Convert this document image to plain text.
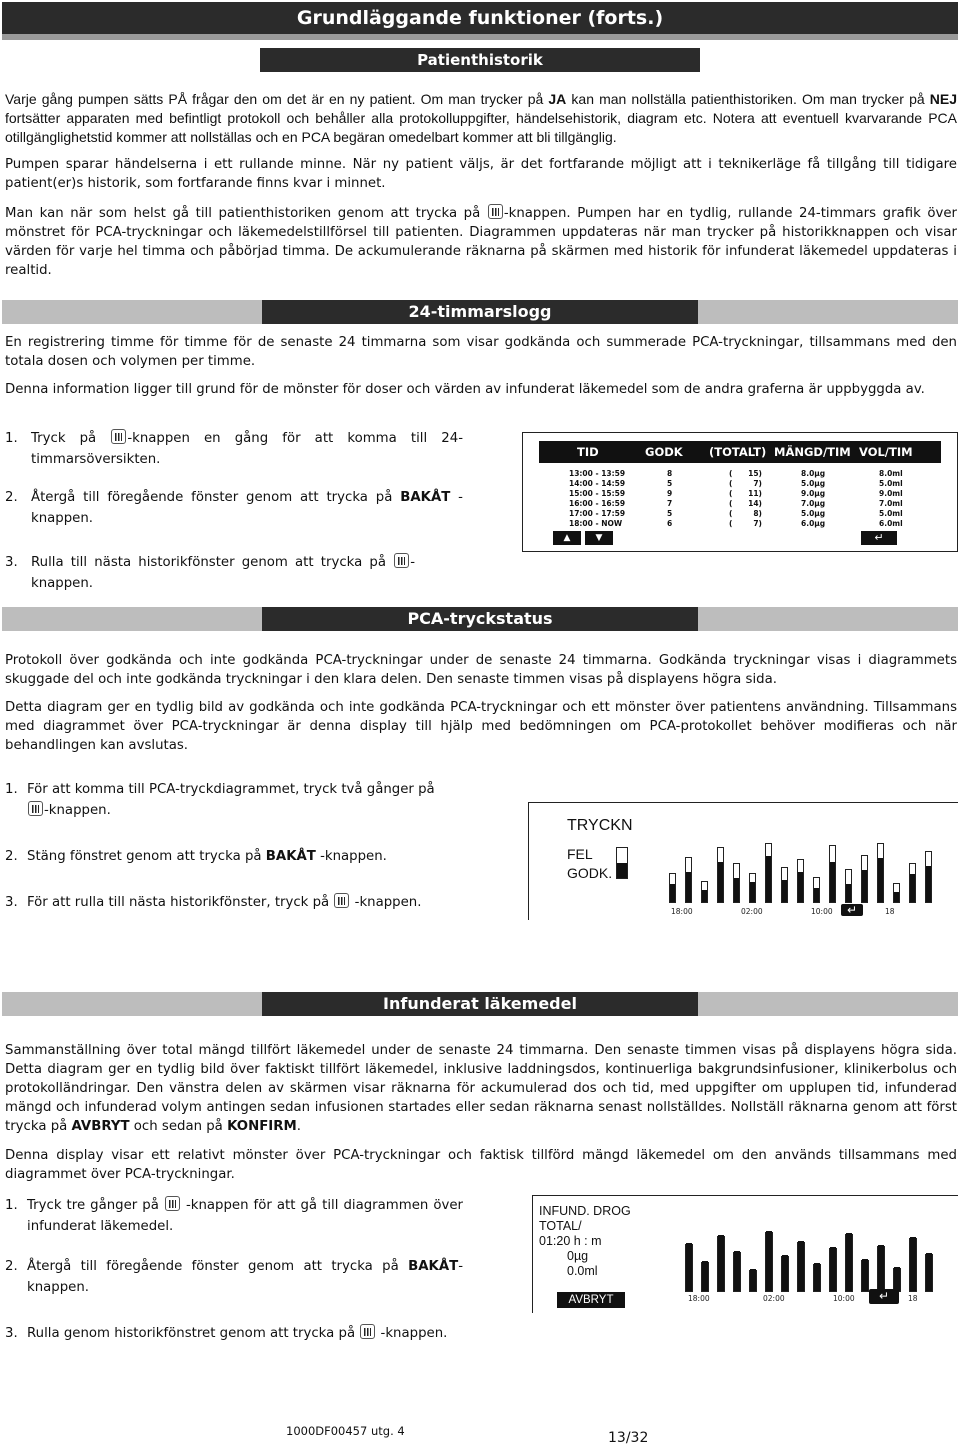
Grundläggande funktioner (forts.)
Patienthistorik
Varje gång pumpen sätts PÅ frågar den om det är en ny patient. Om man trycker på JA kan man nollställa patienthistoriken. Om man trycker på NEJ fortsätter apparaten med befintligt protokoll och behåller alla protokolluppgifter, händelsehistorik, diagram etc. Notera att eventuell kvarvarande PCA otillgänglighetstid kommer att nollställas och en PCA begäran omedelbart kommer att bli tillgänglig.
Pumpen sparar händelserna i ett rullande minne. När ny patient väljs, är det fortfarande möjligt att i teknikerläge få tillgång till tidigare patient(er)s historik, som fortfarande finns kvar i minnet.
Man kan när som helst gå till patienthistoriken genom att trycka på -knappen. Pumpen har en tydlig, rullande 24-timmars grafik över mönstret för PCA-tryckningar och läkemedelstillförsel till patienten. Diagrammen uppdateras när man trycker på historikknappen och visar värden för varje hel timma och påbörjad timma. De ackumulerande räknarna på skärmen med historik för infunderat läkemedel uppdateras i realtid.
24-timmarslogg
En registrering timme för timme för de senaste 24 timmarna som visar godkända och summerade PCA-tryckningar, tillsammans med den totala dosen och volymen per timme.
Denna information ligger till grund för de mönster för doser och värden av infunderat läkemedel som de andra graferna är uppbyggda av.
1. Tryck på -knappen en gång för att komma till 24-timmarsöversikten.
2. Återgå till föregående fönster genom att trycka på BAKÅT -knappen.
3. Rulla till nästa historikfönster genom att trycka på -knappen.
TID	GODK (TOTALT) MÄNGD/TIM VOL/TIM
13:00 - 13:59	8	(      15)	8.0µg	8.0ml
14:00 - 14:59	5	(        7)	5.0µg	5.0ml
15:00 - 15:59	9	(      11)	9.0µg	9.0ml
16:00 - 16:59	7	(      14)	7.0µg	7.0ml
17:00 - 17:59	5	(        8)	5.0µg	5.0ml
18:00 - NOW	6	(        7)	6.0µg	6.0ml
▲	▼	↵
PCA-tryckstatus
Protokoll över godkända och inte godkända PCA-tryckningar under de senaste 24 timmarna. Godkända tryckningar visas i diagrammets skuggade del och inte godkända tryckningar i den klara delen. Den senaste timmen visas på displayens högra sida.
Detta diagram ger en tydlig bild av godkända och inte godkända PCA-tryckningar och ett mönster över patientens användning. Tillsammans med diagrammet över PCA-tryckningar är denna display till hjälp med bedömningen om PCA-protokollet behöver modifieras och när behandlingen kan avslutas.
1. För att komma till PCA-tryckdiagrammet, tryck två gånger på
-knappen.
2. Stäng fönstret genom att trycka på BAKÅT -knappen.
3. För att rulla till nästa historikfönster, tryck på  -knappen.
TRYCKN
FEL
GODK.
18:00	02:00	10:00	↵	18
Infunderat läkemedel
Sammanställning över total mängd tillfört läkemedel under de senaste 24 timmarna. Den senaste timmen visas på displayens högra sida. Detta diagram ger en tydlig bild över faktiskt tillfört läkemedel, inklusive laddningsdos, kontinuerliga bakgrundsinfusioner, klinikerbolus och protokolländringar. Den vänstra delen av skärmen visar räknarna för ackumulerad dos och tid, med uppgifter om upplupen tid, infunderad mängd och infunderad volym antingen sedan infusionen startades eller sedan räknarna senast nollställdes. Nollställ räknarna genom att först trycka på AVBRYT och sedan på KONFIRM.
Denna display visar ett relativt mönster över PCA-tryckningar och faktisk tillförd mängd läkemedel om den används tillsammans med diagrammet över PCA-tryckningar.
1. Tryck tre gånger på  -knappen för att gå till diagrammen över infunderat läkemedel.
2. Återgå till föregående fönster genom att trycka på BAKÅT-knappen.
3. Rulla genom historikfönstret genom att trycka på  -knappen.
INFUND. DROG
TOTAL/
01:20 h : m
0µg
0.0ml
AVBRYT	18:00	02:00	10:00	↵	18
1000DF00457 utg. 4	13/32
